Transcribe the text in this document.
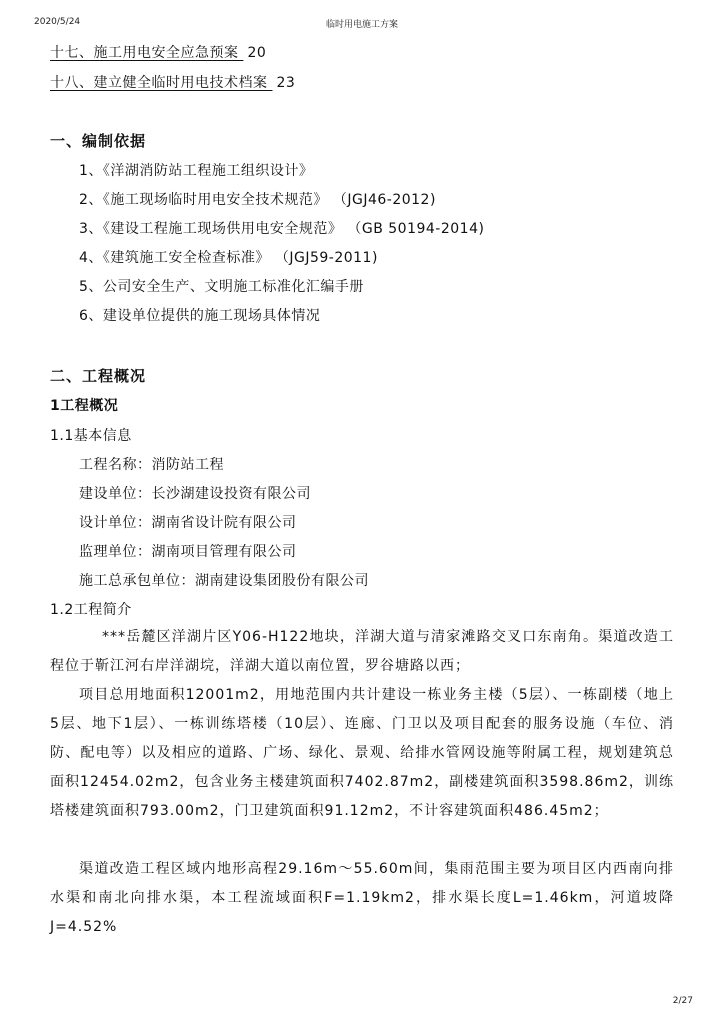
2020/5/24	临时用电施工方案
十七、施工用电安全应急预案 20
十八、建立健全临时用电技术档案 23
一、编制依据
1、《洋湖消防站工程施工组织设计》
2、《施工现场临时用电安全技术规范》 （JGJ46-2012)
3、《建设工程施工现场供用电安全规范》 （GB 50194-2014)
4、《建筑施工安全检查标准》 （JGJ59-2011)
5、公司安全生产、文明施工标准化汇编手册
6、建设单位提供的施工现场具体情况
二、工程概况
1工程概况
1.1基本信息
工程名称：消防站工程
建设单位：长沙湖建设投资有限公司
设计单位：湖南省设计院有限公司
监理单位：湖南项目管理有限公司
施工总承包单位：湖南建设集团股份有限公司
1.2工程简介
***岳麓区洋湖片区Y06-H122地块，洋湖大道与清家滩路交叉口东南角。渠道改造工程位于靳江河右岸洋湖垸，洋湖大道以南位置，罗谷塘路以西；
项目总用地面积12001m2，用地范围内共计建设一栋业务主楼（5层）、一栋副楼（地上5层、地下1层）、一栋训练塔楼（10层）、连廊、门卫以及项目配套的服务设施（车位、消防、配电等）以及相应的道路、广场、绿化、景观、给排水管网设施等附属工程，规划建筑总面积12454.02m2，包含业务主楼建筑面积7402.87m2，副楼建筑面积3598.86m2，训练塔楼建筑面积793.00m2，门卫建筑面积91.12m2，不计容建筑面积486.45m2；
渠道改造工程区域内地形高程29.16m～55.60m间，集雨范围主要为项目区内西南向排水渠和南北向排水渠，本工程流域面积F=1.19km2，排水渠长度L=1.46km，河道坡降J=4.52%
2/27
